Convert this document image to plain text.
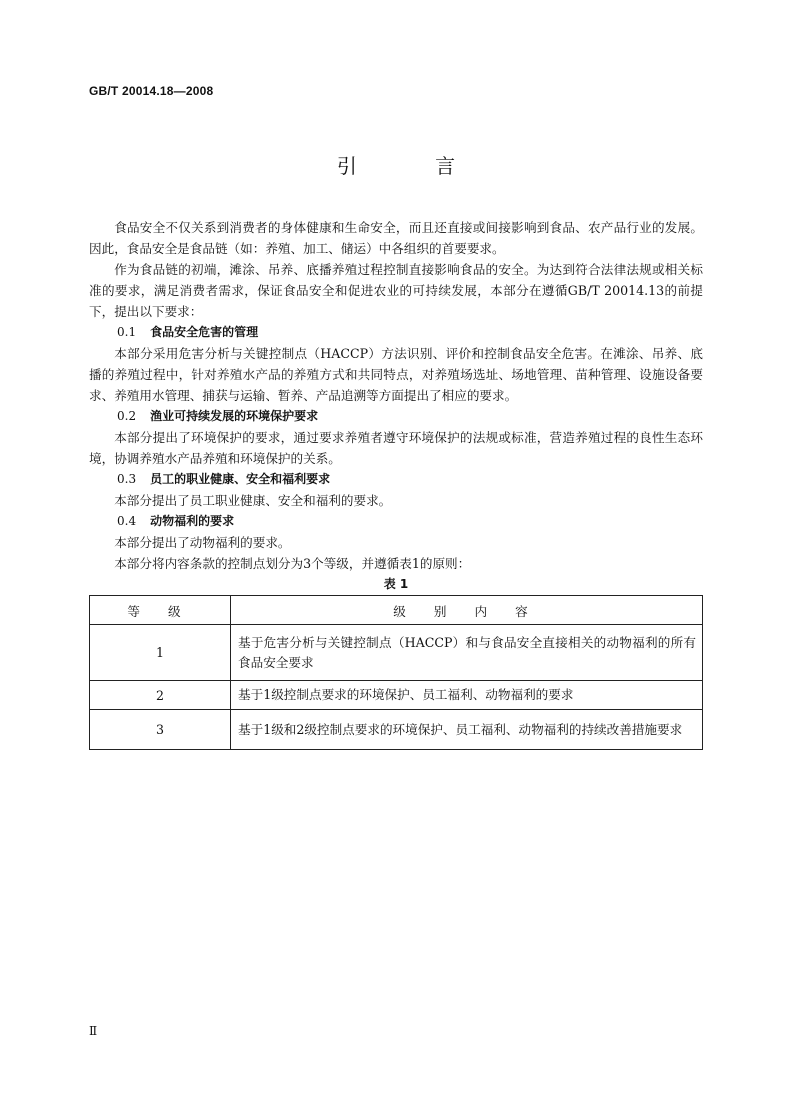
GB/T 20014.18—2008
引 言

食品安全不仅关系到消费者的身体健康和生命安全，而且还直接或间接影响到食品、农产品行业的发展。因此，食品安全是食品链（如：养殖、加工、储运）中各组织的首要要求。

作为食品链的初端，滩涂、吊养、底播养殖过程控制直接影响食品的安全。为达到符合法律法规或相关标准的要求，满足消费者需求，保证食品安全和促进农业的可持续发展，本部分在遵循GB/T 20014.13的前提下，提出以下要求：

0.1 食品安全危害的管理

本部分采用危害分析与关键控制点（HACCP）方法识别、评价和控制食品安全危害。在滩涂、吊养、底播的养殖过程中，针对养殖水产品的养殖方式和共同特点，对养殖场选址、场地管理、苗种管理、设施设备要求、养殖用水管理、捕获与运输、暂养、产品追溯等方面提出了相应的要求。

0.2 渔业可持续发展的环境保护要求

本部分提出了环境保护的要求，通过要求养殖者遵守环境保护的法规或标准，营造养殖过程的良性生态环境，协调养殖水产品养殖和环境保护的关系。

0.3 员工的职业健康、安全和福利要求

本部分提出了员工职业健康、安全和福利的要求。

0.4 动物福利的要求

本部分提出了动物福利的要求。

本部分将内容条款的控制点划分为3个等级，并遵循表1的原则：

表 1

等 级	级 别 内 容
1	基于危害分析与关键控制点（HACCP）和与食品安全直接相关的动物福利的所有食品安全要求
2	基于1级控制点要求的环境保护、员工福利、动物福利的要求
3	基于1级和2级控制点要求的环境保护、员工福利、动物福利的持续改善措施要求
Ⅱ
